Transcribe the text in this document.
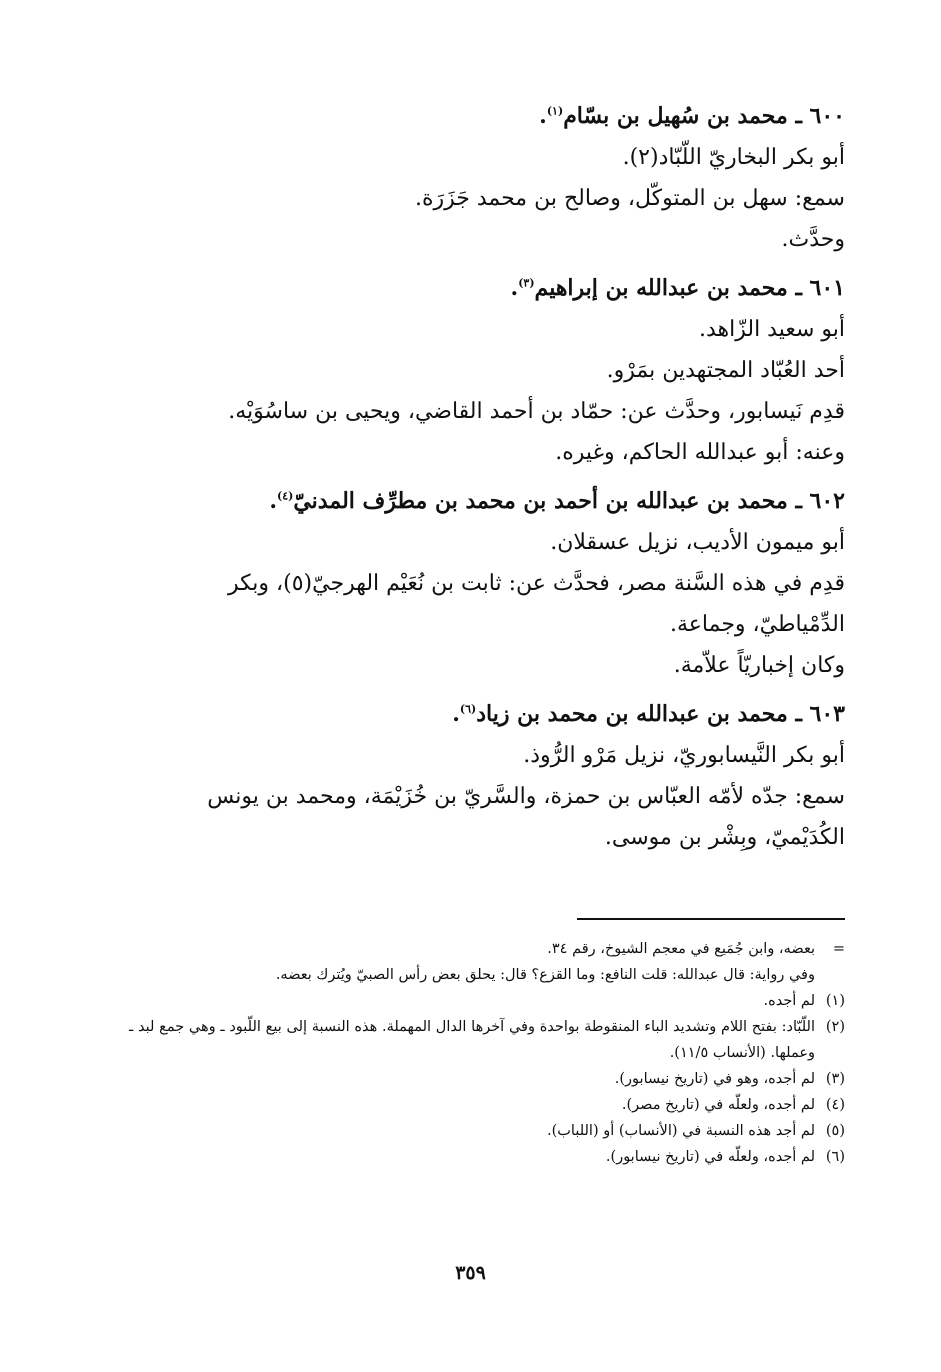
٦٠٠ ـ محمد بن سُهيل بن بسّام$^{(١)}$.

أبو بكر البخاريّ اللّبّاد(٢).

سمع: سهل بن المتوكّل، وصالح بن محمد جَزَرَة.

وحدَّث.

٦٠١ ـ محمد بن عبدالله بن إبراهيم$^{(٣)}$.

أبو سعيد الزّاهد.

أحد العُبّاد المجتهدين بمَرْو.

قدِم نَيسابور، وحدَّث عن: حمّاد بن أحمد القاضي، ويحيى بن ساسُوَيْه.

وعنه: أبو عبدالله الحاكم، وغيره.

٦٠٢ ـ محمد بن عبدالله بن أحمد بن محمد بن مطرِّف المدنيّ$^{(٤)}$.

أبو ميمون الأديب، نزيل عسقلان.

قدِم في هذه السَّنة مصر، فحدَّث عن: ثابت بن نُعَيْم الهرجيّ(٥)، وبكر الدِّمْياطيّ، وجماعة.

وكان إخباريّاً علاّمة.

٦٠٣ ـ محمد بن عبدالله بن محمد بن زياد$^{(٦)}$.

أبو بكر النَّيسابوريّ، نزيل مَرْو الرُّوذ.

سمع: جدّه لأمّه العبّاس بن حمزة، والسَّريّ بن خُزَيْمَة، ومحمد بن يونس الكُدَيْميّ، وبِشْر بن موسى.

=
بعضه، وابن جُمَيع في معجم الشيوخ، رقم ٣٤.
وفي رواية: قال عبدالله: قلت النافع: وما القزع؟ قال: يحلق بعض رأس الصبيّ ويُترك بعضه.
(١)
لم أجده.
(٢)
اللّبّاد: بفتح اللام وتشديد الباء المنقوطة بواحدة وفي آخرها الدال المهملة. هذه النسبة إلى بيع اللّبود ـ وهي جمع لبد ـ وعملها. (الأنساب ١١/٥).
(٣)
لم أجده، وهو في (تاريخ نيسابور).
(٤)
لم أجده، ولعلّه في (تاريخ مصر).
(٥)
لم أجد هذه النسبة في (الأنساب) أو (اللباب).
(٦)
لم أجده، ولعلّه في (تاريخ نيسابور).
٣٥٩
